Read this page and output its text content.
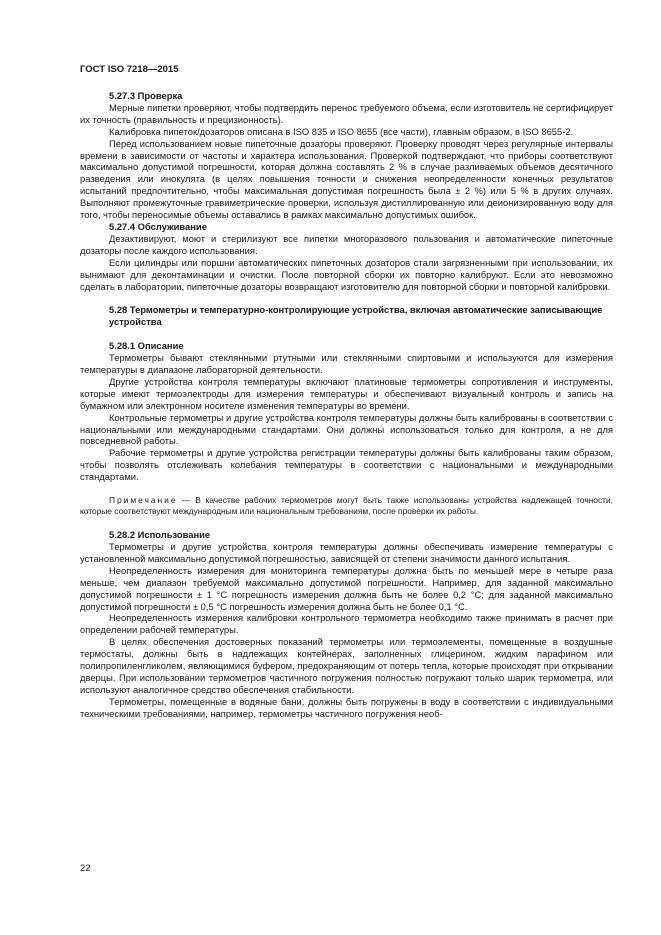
ГОСТ ISO 7218—2015
5.27.3 Проверка

Мерные пипетки проверяют, чтобы подтвердить перенос требуемого объема, если изготовитель не сертифицирует их точность (правильность и прецизионность).

Калибровка пипеток/дозаторов описана в ISO 835 и ISO 8655 (все части), главным образом, в ISO 8655-2.

Перед использованием новые пипеточные дозаторы проверяют. Проверку проводят через регулярные интервалы времени в зависимости от частоты и характера использования. Проверкой подтверждают, что приборы соответствуют максимально допустимой погрешности, которая должна составлять 2 % в случае разливаемых объемов десятичного разведения или инокулята (в целях повышения точности и снижения неопределенности конечных результатов испытаний предпочтительно, чтобы максимальная допустимая погрешность была ± 2 %) или 5 % в других случаях. Выполняют промежуточные гравиметрические проверки, используя дистиллированную или деионизированную воду для того, чтобы переносимые объемы оставались в рамках максимально допустимых ошибок.

5.27.4 Обслуживание

Дезактивируют, моют и стерилизуют все пипетки многоразового пользования и автоматические пипеточные дозаторы после каждого использования.

Если цилиндры или поршни автоматических пипеточных дозаторов стали загрязненными при использовании, их вынимают для деконтаминации и очистки. После повторной сборки их повторно калибруют. Если это невозможно сделать в лаборатории, пипеточные дозаторы возвращают изготовителю для повторной сборки и повторной калибровки.

5.28 Термометры и температурно-контролирующие устройства, включая автоматические записывающие устройства
5.28.1 Описание

Термометры бывают стеклянными ртутными или стеклянными спиртовыми и используются для измерения температуры в диапазоне лабораторной деятельности.

Другие устройства контроля температуры включают платиновые термометры сопротивления и инструменты, которые имеют термоэлектроды для измерения температуры и обеспечивают визуальный контроль и запись на бумажном или электронном носителе изменения температуры во времени.

Контрольные термометры и другие устройства контроля температуры должны быть калиброваны в соответствии с национальными или международными стандартами. Они должны использоваться только для контроля, а не для повседневной работы.

Рабочие термометры и другие устройства регистрации температуры должны быть калиброваны таким образом, чтобы позволять отслеживать колебания температуры в соответствии с национальными и международными стандартами.

Примечание — В качестве рабочих термометров могут быть также использованы устройства надлежащей точности, которые соответствуют международным или национальным требованиям, после проверки их работы.

5.28.2 Использование

Термометры и другие устройства контроля температуры должны обеспечивать измерение температуры с установленной максимально допустимой погрешностью, зависящей от степени значимости данного испытания.

Неопределенность измерения для мониторинга температуры должна быть по меньшей мере в четыре раза меньше, чем диапазон требуемой максимально допустимой погрешности. Например, для заданной максимально допустимой погрешности ± 1 °С погрешность измерения должна быть не более 0,2 °С; для заданной максимально допустимой погрешности ± 0,5 °С погрешность измерения должна быть не более 0,1 °С.

Неопределенность измерения калибровки контрольного термометра необходимо также принимать в расчет при определении рабочей температуры.

В целях обеспечения достоверных показаний термометры или термоэлементы, помещенные в воздушные термостаты, должны быть в надлежащих контейнерах, заполненных глицерином, жидким парафином или полипропиленгликолем, являющимися буфером, предохраняющим от потерь тепла, которые происходят при открывании дверцы. При использовании термометров частичного погружения полностью погружают только шарик термометра, или используют аналогичное средство обеспечения стабильности.

Термометры, помещенные в водяные бани, должны быть погружены в воду в соответствии с индивидуальными техническими требованиями, например, термометры частичного погружения необ-

22
